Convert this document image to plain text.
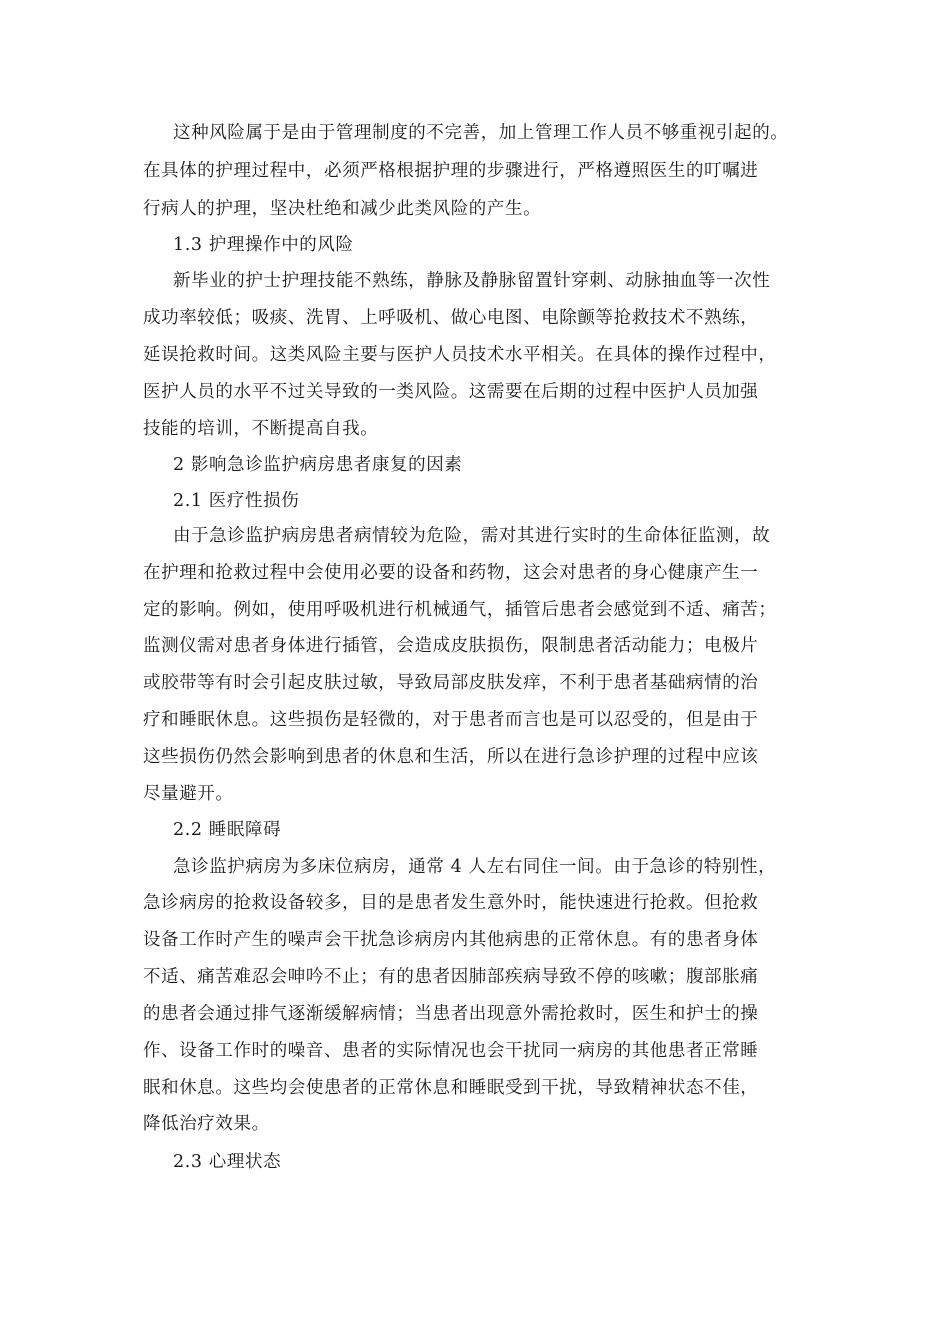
这种风险属于是由于管理制度的不完善，加上管理工作人员不够重视引起的。
在具体的护理过程中，必须严格根据护理的步骤进行，严格遵照医生的叮嘱进
行病人的护理，坚决杜绝和减少此类风险的产生。
1.3 护理操作中的风险
新毕业的护士护理技能不熟练，静脉及静脉留置针穿刺、动脉抽血等一次性
成功率较低；吸痰、洗胃、上呼吸机、做心电图、电除颤等抢救技术不熟练，
延误抢救时间。这类风险主要与医护人员技术水平相关。在具体的操作过程中，
医护人员的水平不过关导致的一类风险。这需要在后期的过程中医护人员加强
技能的培训，不断提高自我。
2 影响急诊监护病房患者康复的因素
2.1 医疗性损伤
由于急诊监护病房患者病情较为危险，需对其进行实时的生命体征监测，故
在护理和抢救过程中会使用必要的设备和药物，这会对患者的身心健康产生一
定的影响。例如，使用呼吸机进行机械通气，插管后患者会感觉到不适、痛苦；
监测仪需对患者身体进行插管，会造成皮肤损伤，限制患者活动能力；电极片
或胶带等有时会引起皮肤过敏，导致局部皮肤发痒，不利于患者基础病情的治
疗和睡眠休息。这些损伤是轻微的，对于患者而言也是可以忍受的，但是由于
这些损伤仍然会影响到患者的休息和生活，所以在进行急诊护理的过程中应该
尽量避开。
2.2 睡眠障碍
急诊监护病房为多床位病房，通常 4 人左右同住一间。由于急诊的特别性，
急诊病房的抢救设备较多，目的是患者发生意外时，能快速进行抢救。但抢救
设备工作时产生的噪声会干扰急诊病房内其他病患的正常休息。有的患者身体
不适、痛苦难忍会呻吟不止；有的患者因肺部疾病导致不停的咳嗽；腹部胀痛
的患者会通过排气逐渐缓解病情；当患者出现意外需抢救时，医生和护士的操
作、设备工作时的噪音、患者的实际情况也会干扰同一病房的其他患者正常睡
眠和休息。这些均会使患者的正常休息和睡眠受到干扰，导致精神状态不佳，
降低治疗效果。
2.3 心理状态
